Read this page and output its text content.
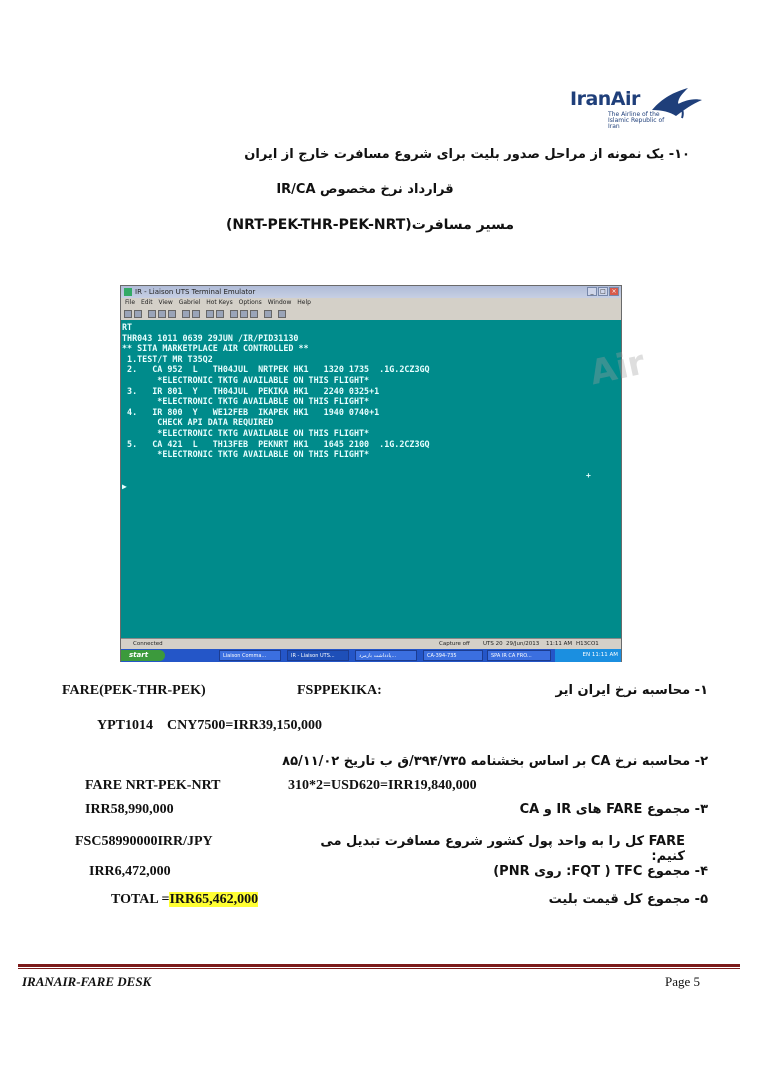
IranAir
The Airline of the Islamic Republic of Iran
۱۰- یک نمونه از مراحل صدور بلیت برای شروع مسافرت خارج از ایران
قرارداد نرخ مخصوص IR/CA
مسیر مسافرت(NRT-PEK-THR-PEK-NRT)
IR - Liaison UTS Terminal Emulator	_	□ ×
File Edit View Gabriel Hot Keys Options Window Help
RT
THR043 1011 0639 29JUN /IR/PID31130
** SITA MARKETPLACE AIR CONTROLLED **
1.TEST/T MR T35Q2
2.   CA 952  L   TH04JUL  NRTPEK HK1   1320 1735  .1G.2CZ3GQ
*ELECTRONIC TKTG AVAILABLE ON THIS FLIGHT*
3.   IR 801  Y   TH04JUL  PEKIKA HK1   2240 0325+1
*ELECTRONIC TKTG AVAILABLE ON THIS FLIGHT*
4.   IR 800  Y   WE12FEB  IKAPEK HK1   1940 0740+1
CHECK API DATA REQUIRED
*ELECTRONIC TKTG AVAILABLE ON THIS FLIGHT*
5.   CA 421  L   TH13FEB  PEKNRT HK1   1645 2100  .1G.2CZ3GQ
*ELECTRONIC TKTG AVAILABLE ON THIS FLIGHT*
▶
+
Connected	Capture off UTS 20 29/Jun/2013 11:11 AM H13CO1
start	Liaison Comma...	IR - Liaison UTS...	یادداشت بازمرد...	CA-394-735	SPA IR CA FRO...	EN 11:11 AM
Air
FARE(PEK-THR-PEK)	FSPPEKIKA:	۱- محاسبه نرخ ایران ایر
YPT1014    CNY7500=IRR39,150,000
۲- محاسبه نرخ CA بر اساس بخشنامه ۳۹۴/۷۳۵/ق ب تاریخ ۸۵/۱۱/۰۲
FARE NRT-PEK-NRT	310*2=USD620=IRR19,840,000
IRR58,990,000	۳- مجموع FARE های IR و CA
FSC58990000IRR/JPY	FARE کل را به واحد پول کشور شروع مسافرت تبدیل می کنیم:
IRR6,472,000	۴- مجموع TFC ( FQT: روی PNR)
TOTAL =IRR65,462,000	۵- مجموع کل قیمت بلیت
IRANAIR-FARE DESK	Page 5
